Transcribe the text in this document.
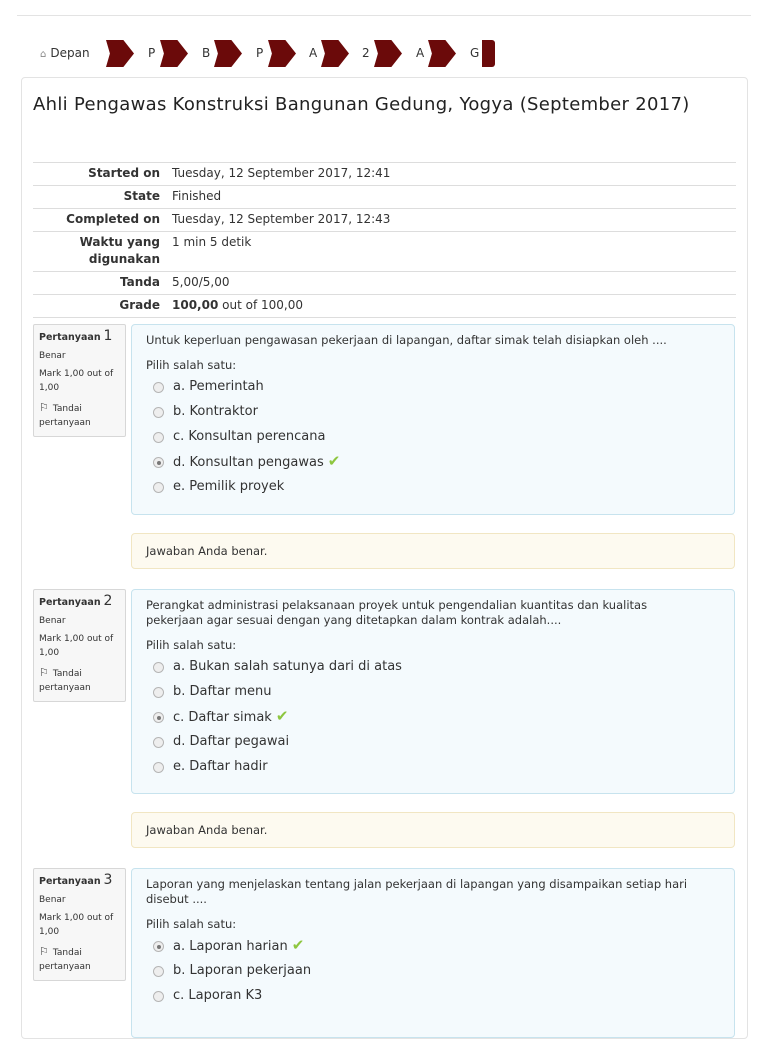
⌂ Depan	P	B	P	A	2	A	G
Ahli Pengawas Konstruksi Bangunan Gedung, Yogya (September 2017)
Started on	Tuesday, 12 September 2017, 12:41
State	Finished
Completed on	Tuesday, 12 September 2017, 12:43
Waktu yang
digunakan	1 min 5 detik
Tanda	5,00/5,00
Grade	100,00 out of 100,00
Pertanyaan 1
Benar
Mark 1,00 out of
1,00
⚐ Tandai
pertanyaan
Untuk keperluan pengawasan pekerjaan di lapangan, daftar simak telah disiapkan oleh ....
Pilih salah satu:
a. Pemerintah
b. Kontraktor
c. Konsultan perencana
d. Konsultan pengawas ✔
e. Pemilik proyek
Jawaban Anda benar.
Pertanyaan 2
Benar
Mark 1,00 out of
1,00
⚐ Tandai
pertanyaan
Perangkat administrasi pelaksanaan proyek untuk pengendalian kuantitas dan kualitas
pekerjaan agar sesuai dengan yang ditetapkan dalam kontrak adalah....
Pilih salah satu:
a. Bukan salah satunya dari di atas
b. Daftar menu
c. Daftar simak ✔
d. Daftar pegawai
e. Daftar hadir
Jawaban Anda benar.
Pertanyaan 3
Benar
Mark 1,00 out of
1,00
⚐ Tandai
pertanyaan
Laporan yang menjelaskan tentang jalan pekerjaan di lapangan yang disampaikan setiap hari
disebut ....
Pilih salah satu:
a. Laporan harian ✔
b. Laporan pekerjaan
c. Laporan K3
